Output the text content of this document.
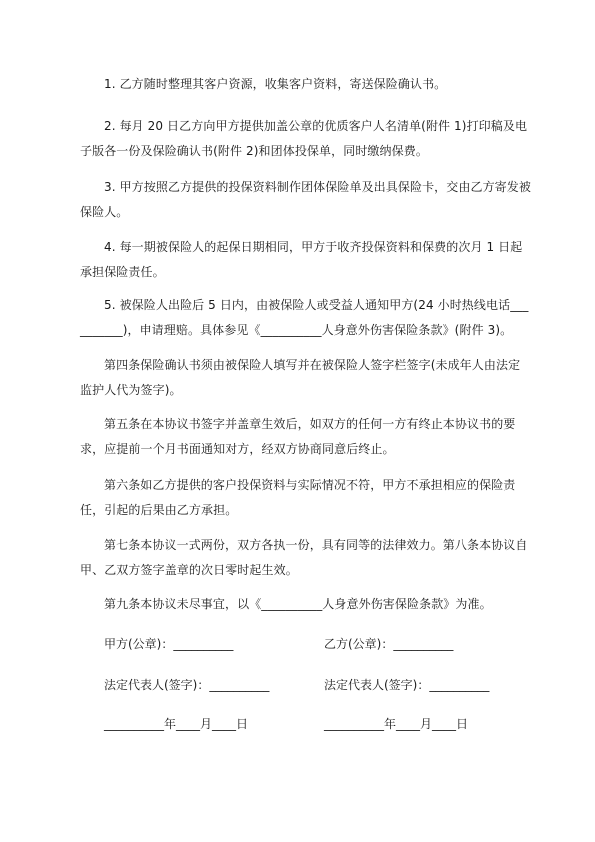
1. 乙方随时整理其客户资源，收集客户资料，寄送保险确认书。

2. 每月 20 日乙方向甲方提供加盖公章的优质客户人名清单(附件 1)打印稿及电子版各一份及保险确认书(附件 2)和团体投保单，同时缴纳保费。

3. 甲方按照乙方提供的投保资料制作团体保险单及出具保险卡，交由乙方寄发被保险人。

4. 每一期被保险人的起保日期相同，甲方于收齐投保资料和保费的次月 1 日起承担保险责任。

5. 被保险人出险后 5 日内，由被保险人或受益人通知甲方(24 小时热线电话__________)，申请理赔。具体参见《__________人身意外伤害保险条款》(附件 3)。

第四条保险确认书须由被保险人填写并在被保险人签字栏签字(未成年人由法定监护人代为签字)。

第五条在本协议书签字并盖章生效后，如双方的任何一方有终止本协议书的要求，应提前一个月书面通知对方，经双方协商同意后终止。

第六条如乙方提供的客户投保资料与实际情况不符，甲方不承担相应的保险责任，引起的后果由乙方承担。

第七条本协议一式两份，双方各执一份，具有同等的法律效力。第八条本协议自甲、乙双方签字盖章的次日零时起生效。

第九条本协议未尽事宜，以《__________人身意外伤害保险条款》为准。

甲方(公章)：__________	乙方(公章)：__________
法定代表人(签字)：__________	法定代表人(签字)：__________
__________年____月____日	__________年____月____日
